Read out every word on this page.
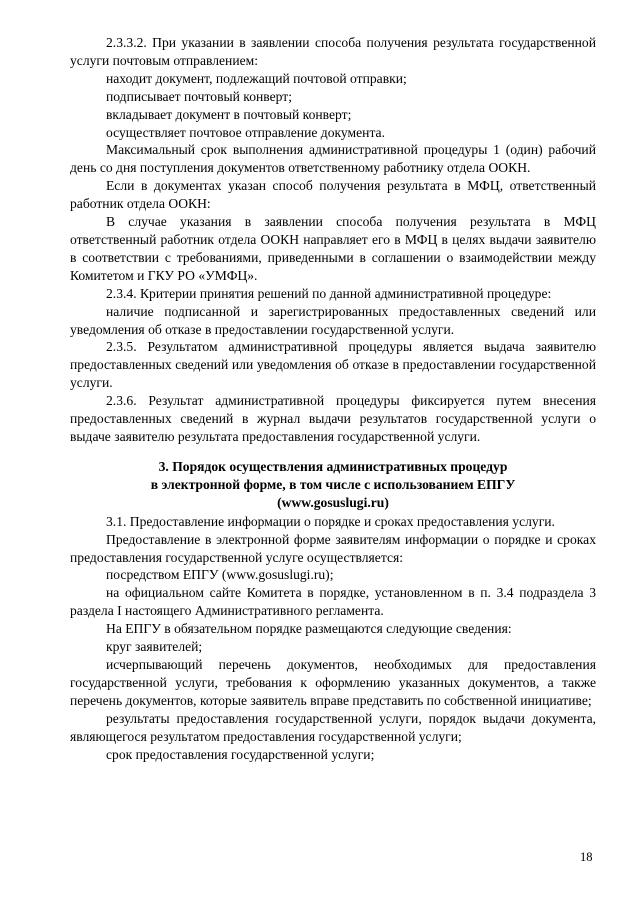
2.3.3.2. При указании в заявлении способа получения результата государственной услуги почтовым отправлением:

находит документ, подлежащий почтовой отправки;

подписывает почтовый конверт;

вкладывает документ в почтовый конверт;

осуществляет почтовое отправление документа.

Максимальный срок выполнения административной процедуры 1 (один) рабочий день со дня поступления документов ответственному работнику отдела ООКН.

Если в документах указан способ получения результата в МФЦ, ответственный работник отдела ООКН:

В случае указания в заявлении способа получения результата в МФЦ ответственный работник отдела ООКН направляет его в МФЦ в целях выдачи заявителю в соответствии с требованиями, приведенными в соглашении о взаимодействии между Комитетом и ГКУ РО «УМФЦ».

2.3.4. Критерии принятия решений по данной административной процедуре:

наличие подписанной и зарегистрированных предоставленных сведений или уведомления об отказе в предоставлении государственной услуги.

2.3.5. Результатом административной процедуры является выдача заявителю предоставленных сведений или уведомления об отказе в предоставлении государственной услуги.

2.3.6. Результат административной процедуры фиксируется путем внесения предоставленных сведений в журнал выдачи результатов государственной услуги о выдаче заявителю результата предоставления государственной услуги.

3. Порядок осуществления административных процедур
в электронной форме, в том числе с использованием ЕПГУ
(www.gosuslugi.ru)

3.1. Предоставление информации о порядке и сроках предоставления услуги.

Предоставление в электронной форме заявителям информации о порядке и сроках предоставления государственной услуге осуществляется:

посредством ЕПГУ (www.gosuslugi.ru);

на официальном сайте Комитета в порядке, установленном в п. 3.4 подраздела 3 раздела I настоящего Административного регламента.

На ЕПГУ в обязательном порядке размещаются следующие сведения:

круг заявителей;

исчерпывающий перечень документов, необходимых для предоставления государственной услуги, требования к оформлению указанных документов, а также перечень документов, которые заявитель вправе представить по собственной инициативе;

результаты предоставления государственной услуги, порядок выдачи документа, являющегося результатом предоставления государственной услуги;

срок предоставления государственной услуги;

18
